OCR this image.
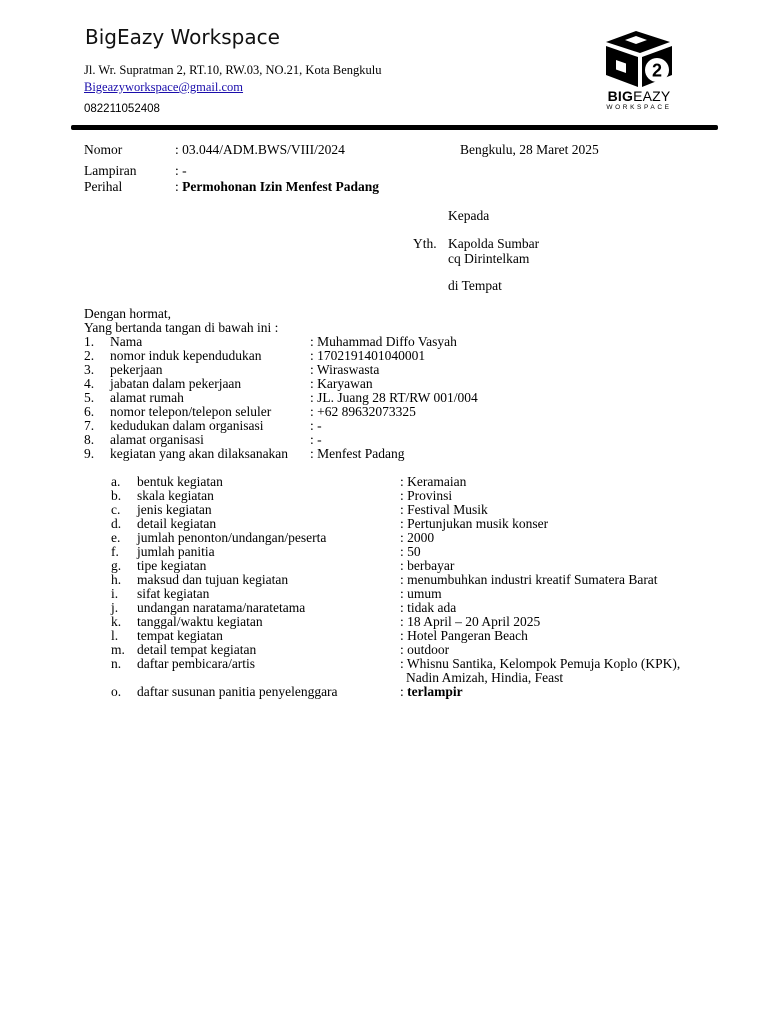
BigEazy Workspace
Jl. Wr. Supratman 2, RT.10, RW.03, NO.21, Kota Bengkulu
Bigeazyworkspace@gmail.com
082211052408
2
BIGEAZY
WORKSPACE
Nomor	: 03.044/ADM.BWS/VIII/2024	Bengkulu, 28 Maret 2025
Lampiran	: -
Perihal	: Permohonan Izin Menfest Padang
Kepada
Yth. Kapolda Sumbar
cq Dirintelkam
di Tempat
Dengan hormat,
Yang bertanda tangan di bawah ini :
1. Nama	: Muhammad Diffo Vasyah
2. nomor induk kependudukan	: 1702191401040001
3. pekerjaan	: Wiraswasta
4. jabatan dalam pekerjaan	: Karyawan
5. alamat rumah	: JL. Juang 28 RT/RW 001/004
6. nomor telepon/telepon seluler	: +62 89632073325
7. kedudukan dalam organisasi	: -
8. alamat organisasi	: -
9. kegiatan yang akan dilaksanakan : Menfest Padang
a. bentuk kegiatan	: Keramaian
b. skala kegiatan	: Provinsi
c. jenis kegiatan	: Festival Musik
d. detail kegiatan	: Pertunjukan musik konser
e. jumlah penonton/undangan/peserta	: 2000
f. jumlah panitia	: 50
g. tipe kegiatan	: berbayar
h. maksud dan tujuan kegiatan	: menumbuhkan industri kreatif Sumatera Barat
i. sifat kegiatan	: umum
j. undangan naratama/naratetama	: tidak ada
k. tanggal/waktu kegiatan	: 18 April – 20 April 2025
l. tempat kegiatan	: Hotel Pangeran Beach
m. detail tempat kegiatan	: outdoor
n. daftar pembicara/artis	: Whisnu Santika, Kelompok Pemuja Koplo (KPK),
Nadin Amizah, Hindia, Feast
o. daftar susunan panitia penyelenggara	: terlampir
